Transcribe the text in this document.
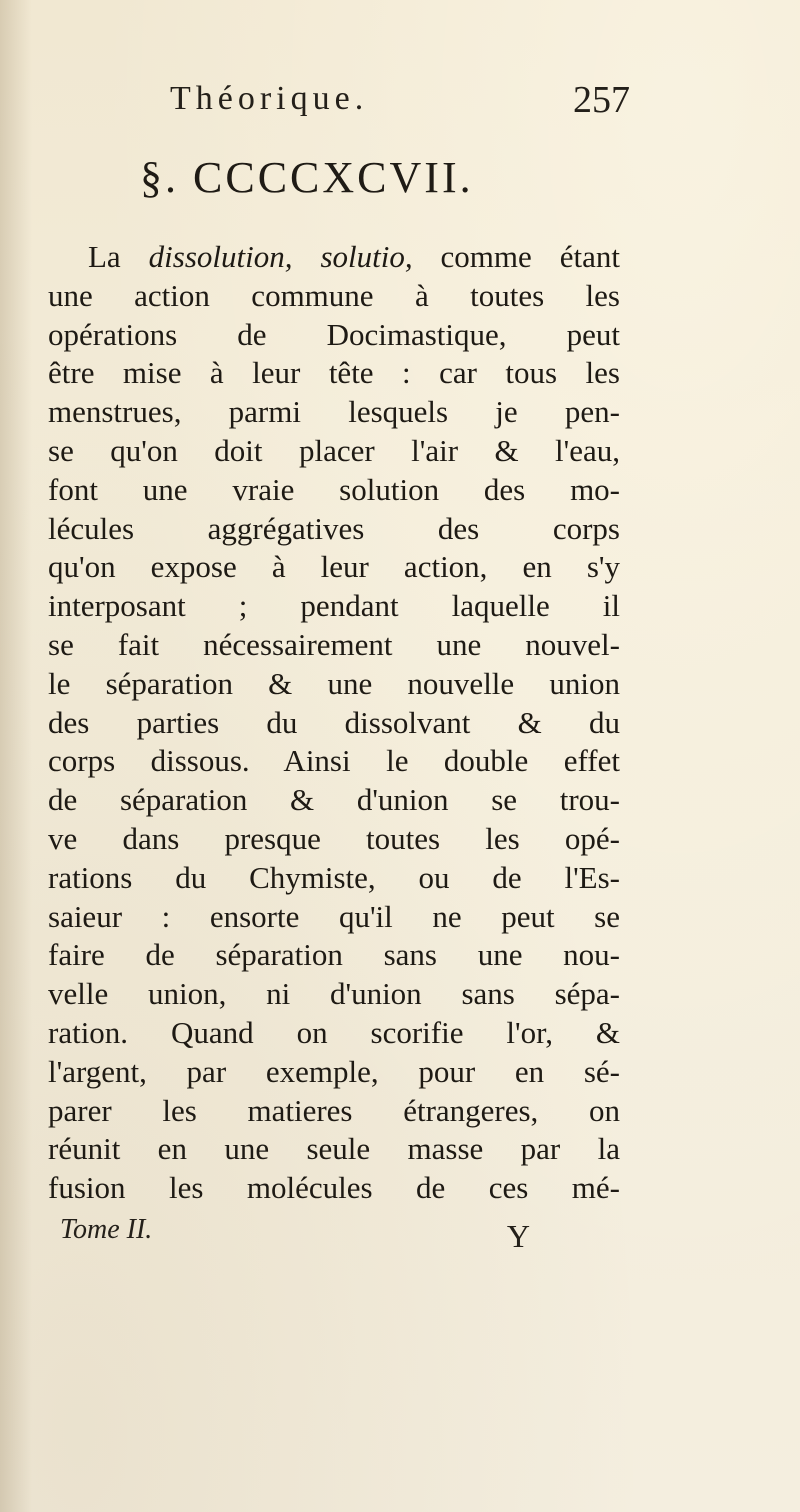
Théorique.	257
§. CCCCXCVII.
La dissolution, solutio, comme étant
une action commune à toutes les
opérations de Docimastique, peut
être mise à leur tête : car tous les
menstrues, parmi lesquels je pen-
se qu'on doit placer l'air & l'eau,
font une vraie solution des mo-
lécules aggrégatives des corps
qu'on expose à leur action, en s'y
interposant ; pendant laquelle il
se fait nécessairement une nouvel-
le séparation & une nouvelle union
des parties du dissolvant & du
corps dissous. Ainsi le double effet
de séparation & d'union se trou-
ve dans presque toutes les opé-
rations du Chymiste, ou de l'Es-
saieur : ensorte qu'il ne peut se
faire de séparation sans une nou-
velle union, ni d'union sans sépa-
ration. Quand on scorifie l'or, &
l'argent, par exemple, pour en sé-
parer les matieres étrangeres, on
réunit en une seule masse par la
fusion les molécules de ces mé-
Tome II.	Y
